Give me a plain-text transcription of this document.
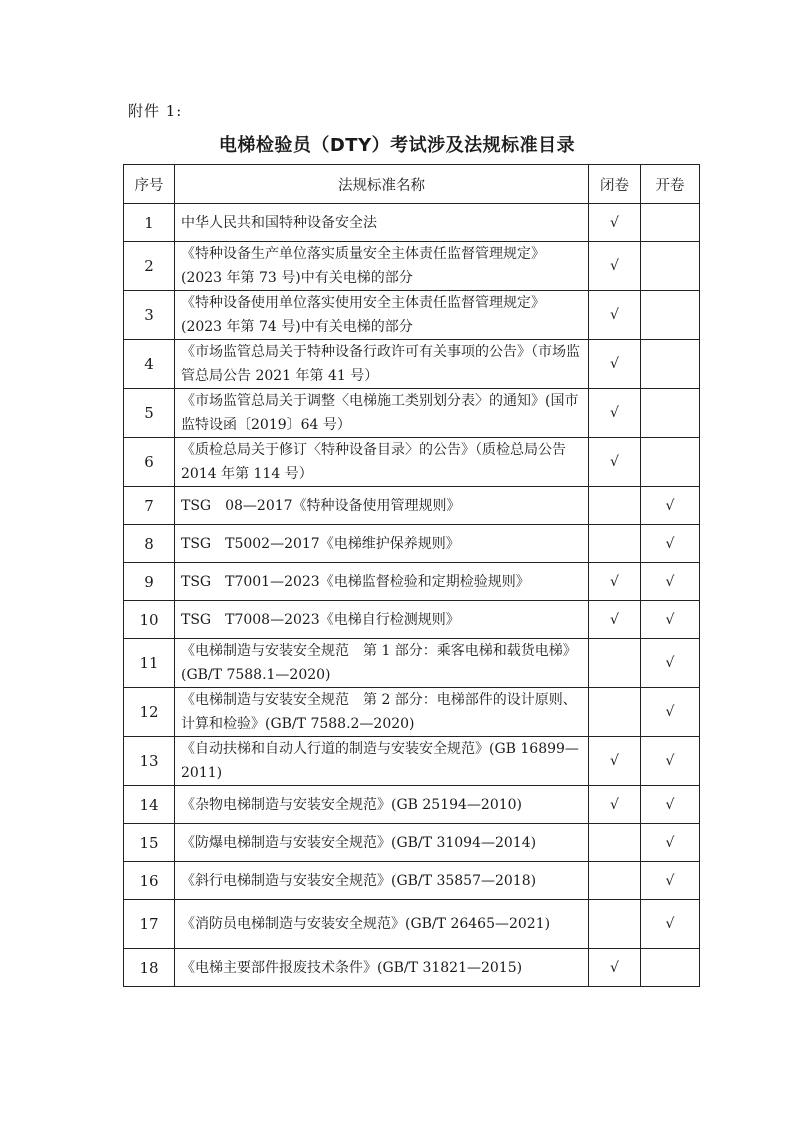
附件 1:
电梯检验员（DTY）考试涉及法规标准目录
序号	法规标准名称	闭卷	开卷
1	中华人民共和国特种设备安全法	√	
2	《特种设备生产单位落实质量安全主体责任监督管理规定》(2023 年第 73 号)中有关电梯的部分	√	
3	《特种设备使用单位落实使用安全主体责任监督管理规定》(2023 年第 74 号)中有关电梯的部分	√	
4	《市场监管总局关于特种设备行政许可有关事项的公告》（市场监管总局公告 2021 年第 41 号）	√	
5	《市场监管总局关于调整〈电梯施工类别划分表〉的通知》(国市监特设函〔2019〕64 号）	√	
6	《质检总局关于修订〈特种设备目录〉的公告》（质检总局公告 2014 年第 114 号）	√	
7	TSG　08—2017《特种设备使用管理规则》		√
8	TSG　T5002—2017《电梯维护保养规则》		√
9	TSG　T7001—2023《电梯监督检验和定期检验规则》	√	√
10	TSG　T7008—2023《电梯自行检测规则》	√	√
11	《电梯制造与安装安全规范　第 1 部分：乘客电梯和载货电梯》(GB/T 7588.1—2020)		√
12	《电梯制造与安装安全规范　第 2 部分：电梯部件的设计原则、计算和检验》(GB/T 7588.2—2020)		√
13	《自动扶梯和自动人行道的制造与安装安全规范》(GB 16899—2011)	√	√
14	《杂物电梯制造与安装安全规范》(GB 25194—2010)	√	√
15	《防爆电梯制造与安装安全规范》(GB/T 31094—2014)		√
16	《斜行电梯制造与安装安全规范》(GB/T 35857—2018)		√
17	《消防员电梯制造与安装安全规范》(GB/T 26465—2021)		√
18	《电梯主要部件报废技术条件》(GB/T 31821—2015)	√	
